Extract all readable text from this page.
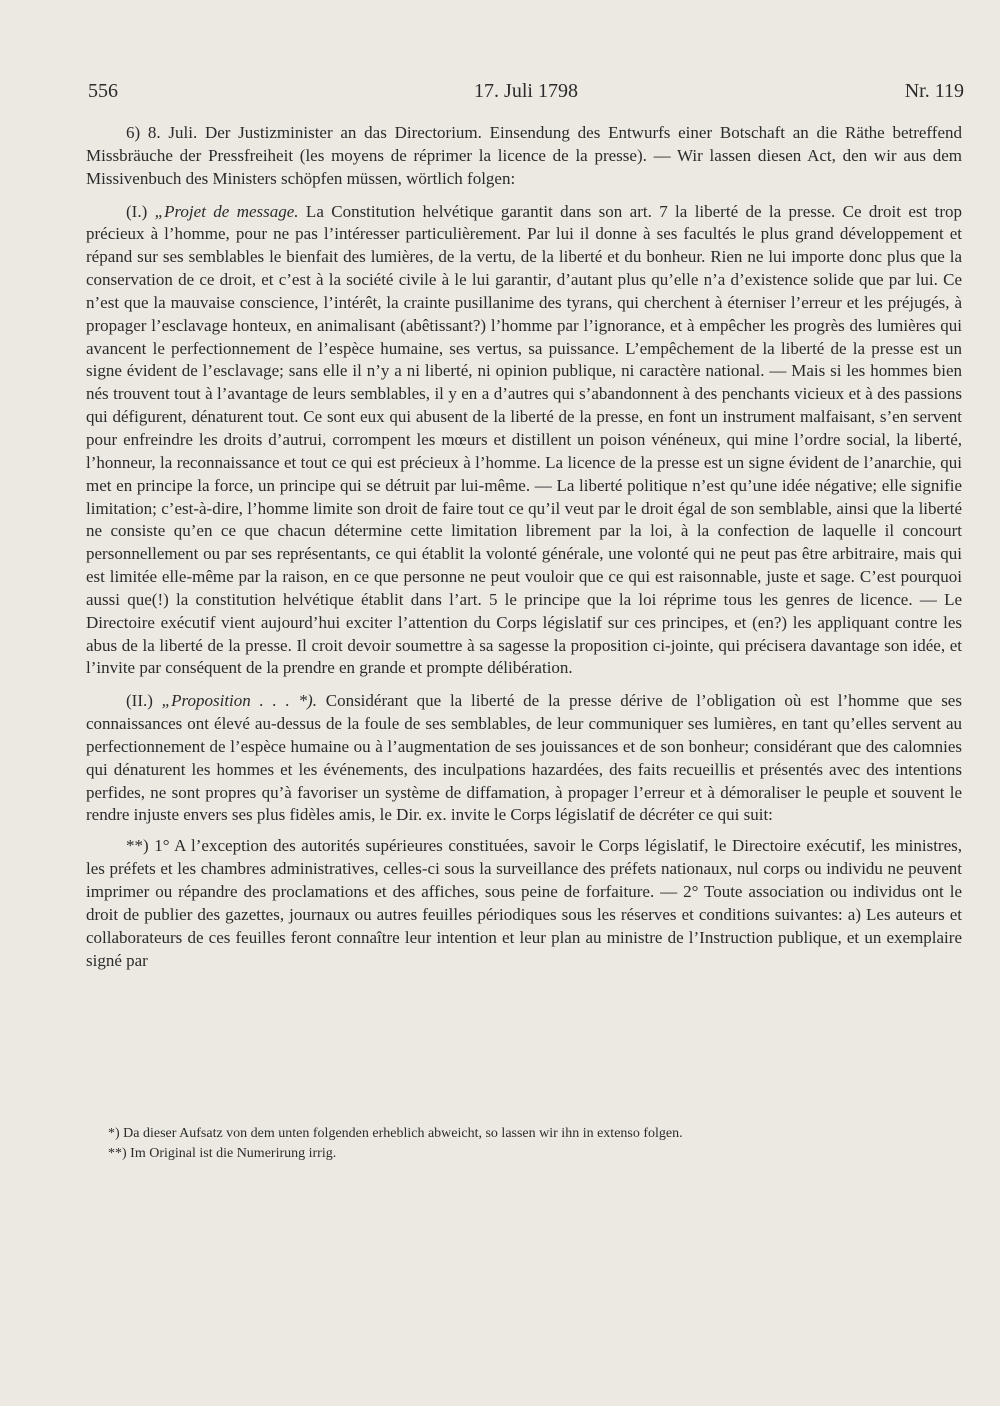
556	17. Juli 1798	Nr. 119

6) 8. Juli. Der Justizminister an das Directorium. Einsendung des Entwurfs einer Botschaft an die Räthe betreffend Missbräuche der Pressfreiheit (les moyens de réprimer la licence de la presse). — Wir lassen diesen Act, den wir aus dem Missivenbuch des Ministers schöpfen müssen, wörtlich folgen:

(I.) „Projet de message. La Constitution helvétique garantit dans son art. 7 la liberté de la presse. Ce droit est trop précieux à l’homme, pour ne pas l’intéresser particulièrement. Par lui il donne à ses facultés le plus grand développement et répand sur ses semblables le bienfait des lumières, de la vertu, de la liberté et du bonheur. Rien ne lui importe donc plus que la conservation de ce droit, et c’est à la société civile à le lui garantir, d’autant plus qu’elle n’a d’existence solide que par lui. Ce n’est que la mauvaise conscience, l’intérêt, la crainte pusillanime des tyrans, qui cherchent à éterniser l’erreur et les préjugés, à propager l’esclavage honteux, en animalisant (abêtissant?) l’homme par l’ignorance, et à empêcher les progrès des lumières qui avancent le perfectionnement de l’espèce humaine, ses vertus, sa puissance. L’empêchement de la liberté de la presse est un signe évident de l’esclavage; sans elle il n’y a ni liberté, ni opinion publique, ni caractère national. — Mais si les hommes bien nés trouvent tout à l’avantage de leurs semblables, il y en a d’autres qui s’abandonnent à des penchants vicieux et à des passions qui défigurent, dénaturent tout. Ce sont eux qui abusent de la liberté de la presse, en font un instrument malfaisant, s’en servent pour enfreindre les droits d’autrui, corrompent les mœurs et distillent un poison vénéneux, qui mine l’ordre social, la liberté, l’honneur, la reconnaissance et tout ce qui est précieux à l’homme. La licence de la presse est un signe évident de l’anarchie, qui met en principe la force, un principe qui se détruit par lui-même. — La liberté politique n’est qu’une idée négative; elle signifie limitation; c’est-à-dire, l’homme limite son droit de faire tout ce qu’il veut par le droit égal de son semblable, ainsi que la liberté ne consiste qu’en ce que chacun détermine cette limitation librement par la loi, à la confection de laquelle il concourt personnellement ou par ses représentants, ce qui établit la volonté générale, une volonté qui ne peut pas être arbitraire, mais qui est limitée elle-même par la raison, en ce que personne ne peut vouloir que ce qui est raisonnable, juste et sage. C’est pourquoi aussi que(!) la constitution helvétique établit dans l’art. 5 le principe que la loi réprime tous les genres de licence. — Le Directoire exécutif vient aujourd’hui exciter l’attention du Corps législatif sur ces principes, et (en?) les appliquant contre les abus de la liberté de la presse. Il croit devoir soumettre à sa sagesse la proposition ci-jointe, qui précisera davantage son idée, et l’invite par conséquent de la prendre en grande et prompte délibération.

(II.) „Proposition . . . *). Considérant que la liberté de la presse dérive de l’obligation où est l’homme que ses connaissances ont élevé au-dessus de la foule de ses semblables, de leur communiquer ses lumières, en tant qu’elles servent au perfectionnement de l’espèce humaine ou à l’augmentation de ses jouissances et de son bonheur; considérant que des calomnies qui dénaturent les hommes et les événements, des inculpations hazardées, des faits recueillis et présentés avec des intentions perfides, ne sont propres qu’à favoriser un système de diffamation, à propager l’erreur et à démoraliser le peuple et souvent le rendre injuste envers ses plus fidèles amis, le Dir. ex. invite le Corps législatif de décréter ce qui suit:

**) 1° A l’exception des autorités supérieures constituées, savoir le Corps législatif, le Directoire exécutif, les ministres, les préfets et les chambres administratives, celles-ci sous la surveillance des préfets nationaux, nul corps ou individu ne peuvent imprimer ou répandre des proclamations et des affiches, sous peine de forfaiture. — 2° Toute association ou individus ont le droit de publier des gazettes, journaux ou autres feuilles périodiques sous les réserves et conditions suivantes: a) Les auteurs et collaborateurs de ces feuilles feront connaître leur intention et leur plan au ministre de l’Instruction publique, et un exemplaire signé par

*) Da dieser Aufsatz von dem unten folgenden erheblich abweicht, so lassen wir ihn in extenso folgen.
**) Im Original ist die Numerirung irrig.
